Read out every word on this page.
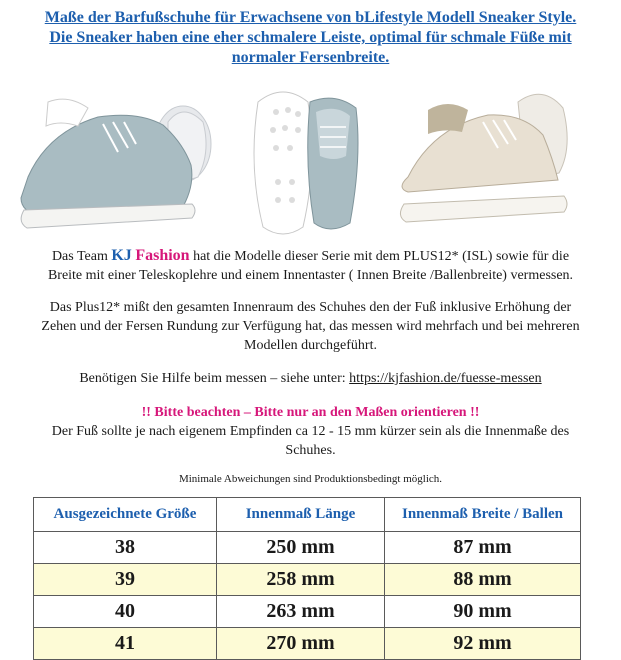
Maße der Barfußschuhe für Erwachsene von bLifestyle Modell Sneaker Style.
Die Sneaker haben eine eher schmalere Leiste, optimal für schmale Füße mit
normaler Fersenbreite.
Das Team KJ Fashion hat die Modelle dieser Serie mit dem PLUS12* (ISL) sowie für die
Breite mit einer Teleskoplehre und einem Innentaster ( Innen Breite /Ballenbreite) vermessen.
Das Plus12* mißt den gesamten Innenraum des Schuhes den der Fuß inklusive Erhöhung der
Zehen und der Fersen Rundung zur Verfügung hat, das messen wird mehrfach und bei mehreren
Modellen durchgeführt.
Benötigen Sie Hilfe beim messen – siehe unter: https://kjfashion.de/fuesse-messen
!! Bitte beachten – Bitte nur an den Maßen orientieren !!
Der Fuß sollte je nach eigenem Empfinden ca 12 - 15 mm kürzer sein als die Innenmaße des
Schuhes.
Minimale Abweichungen sind Produktionsbedingt möglich.
Ausgezeichnete Größe	Innenmaß Länge	Innenmaß Breite / Ballen
38	250 mm	87 mm
39	258 mm	88 mm
40	263 mm	90 mm
41	270 mm	92 mm
